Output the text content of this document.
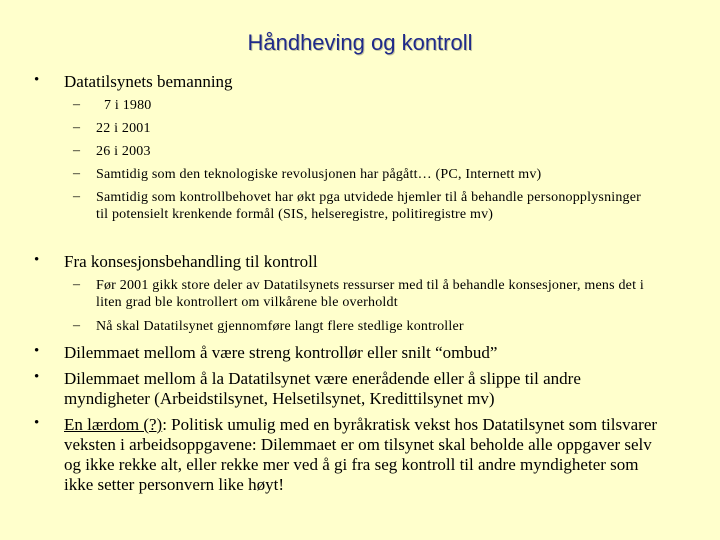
Håndheving og kontroll
• Datatilsynets bemanning
–	7 i 1980
– 22 i 2001
– 26 i 2003
– Samtidig som den teknologiske revolusjonen har pågått… (PC, Internett mv)
– Samtidig som kontrollbehovet har økt pga utvidede hjemler til å behandle personopplysninger til potensielt krenkende formål (SIS, helseregistre, politiregistre mv)
• Fra konsesjonsbehandling til kontroll
– Før 2001 gikk store deler av Datatilsynets ressurser med til å behandle konsesjoner, mens det i liten grad ble kontrollert om vilkårene ble overholdt
– Nå skal Datatilsynet gjennomføre langt flere stedlige kontroller
• Dilemmaet mellom å være streng kontrollør eller snilt “ombud”
• Dilemmaet mellom å la Datatilsynet være enerådende eller å slippe til andre myndigheter (Arbeidstilsynet, Helsetilsynet, Kredittilsynet mv)
• En lærdom (?): Politisk umulig med en byråkratisk vekst hos Datatilsynet som tilsvarer veksten i arbeidsoppgavene: Dilemmaet er om tilsynet skal beholde alle oppgaver selv og ikke rekke alt, eller rekke mer ved å gi fra seg kontroll til andre myndigheter som ikke setter personvern like høyt!
